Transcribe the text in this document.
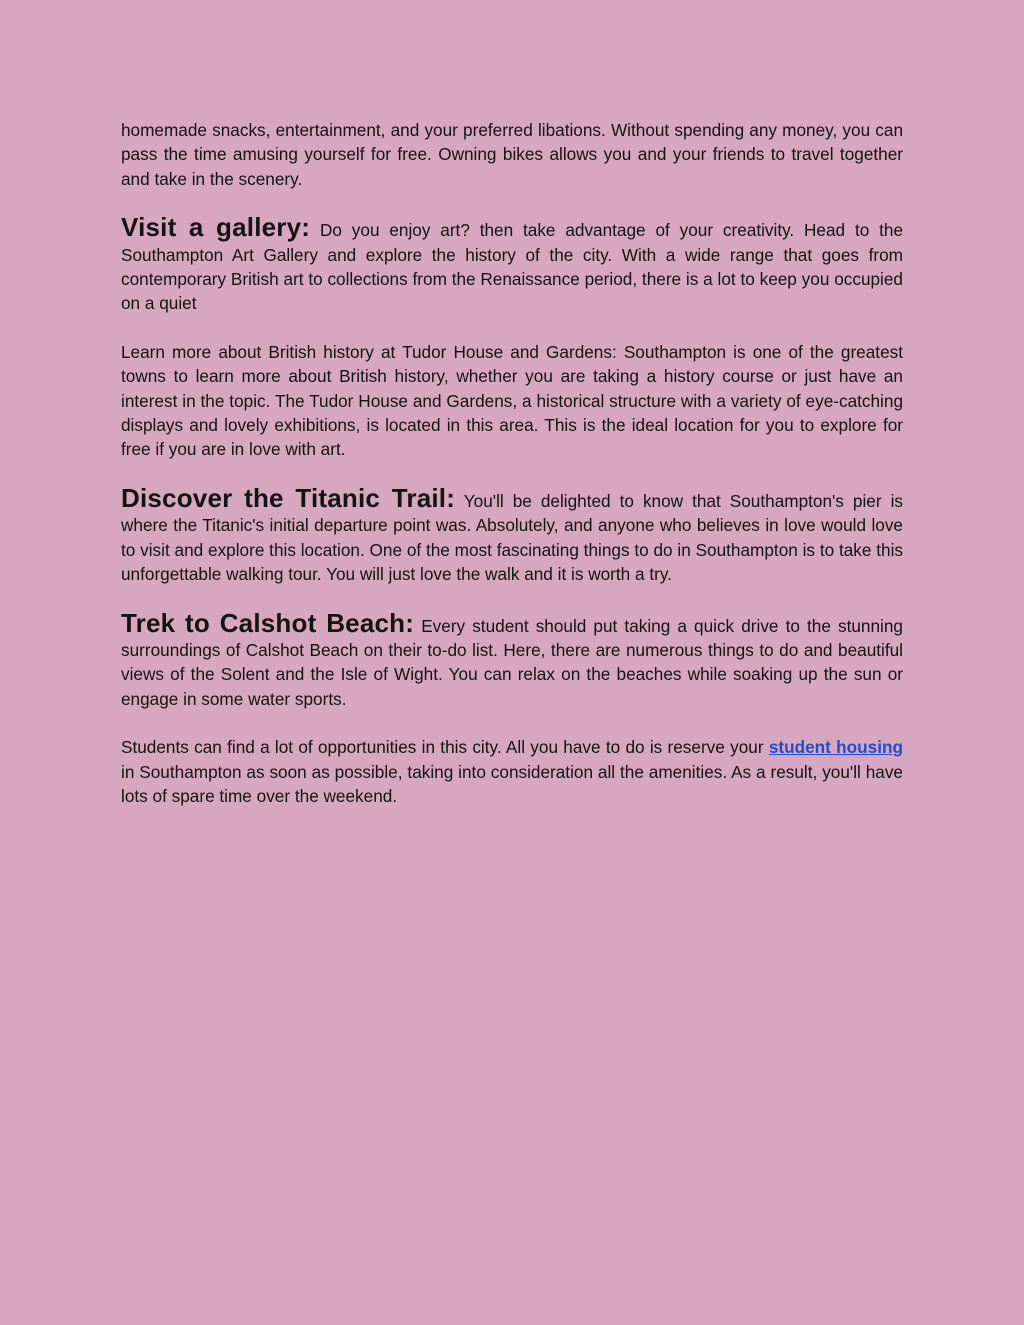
homemade snacks, entertainment, and your preferred libations. Without spending any money, you can pass the time amusing yourself for free. Owning bikes allows you and your friends to travel together and take in the scenery.

Visit a gallery: Do you enjoy art? then take advantage of your creativity. Head to the Southampton Art Gallery and explore the history of the city. With a wide range that goes from contemporary British art to collections from the Renaissance period, there is a lot to keep you occupied on a quiet

Learn more about British history at Tudor House and Gardens: Southampton is one of the greatest towns to learn more about British history, whether you are taking a history course or just have an interest in the topic. The Tudor House and Gardens, a historical structure with a variety of eye-catching displays and lovely exhibitions, is located in this area. This is the ideal location for you to explore for free if you are in love with art.

Discover the Titanic Trail: You'll be delighted to know that Southampton's pier is where the Titanic's initial departure point was. Absolutely, and anyone who believes in love would love to visit and explore this location. One of the most fascinating things to do in Southampton is to take this unforgettable walking tour. You will just love the walk and it is worth a try.

Trek to Calshot Beach: Every student should put taking a quick drive to the stunning surroundings of Calshot Beach on their to-do list. Here, there are numerous things to do and beautiful views of the Solent and the Isle of Wight. You can relax on the beaches while soaking up the sun or engage in some water sports.

Students can find a lot of opportunities in this city. All you have to do is reserve your student housing in Southampton as soon as possible, taking into consideration all the amenities. As a result, you'll have lots of spare time over the weekend.
